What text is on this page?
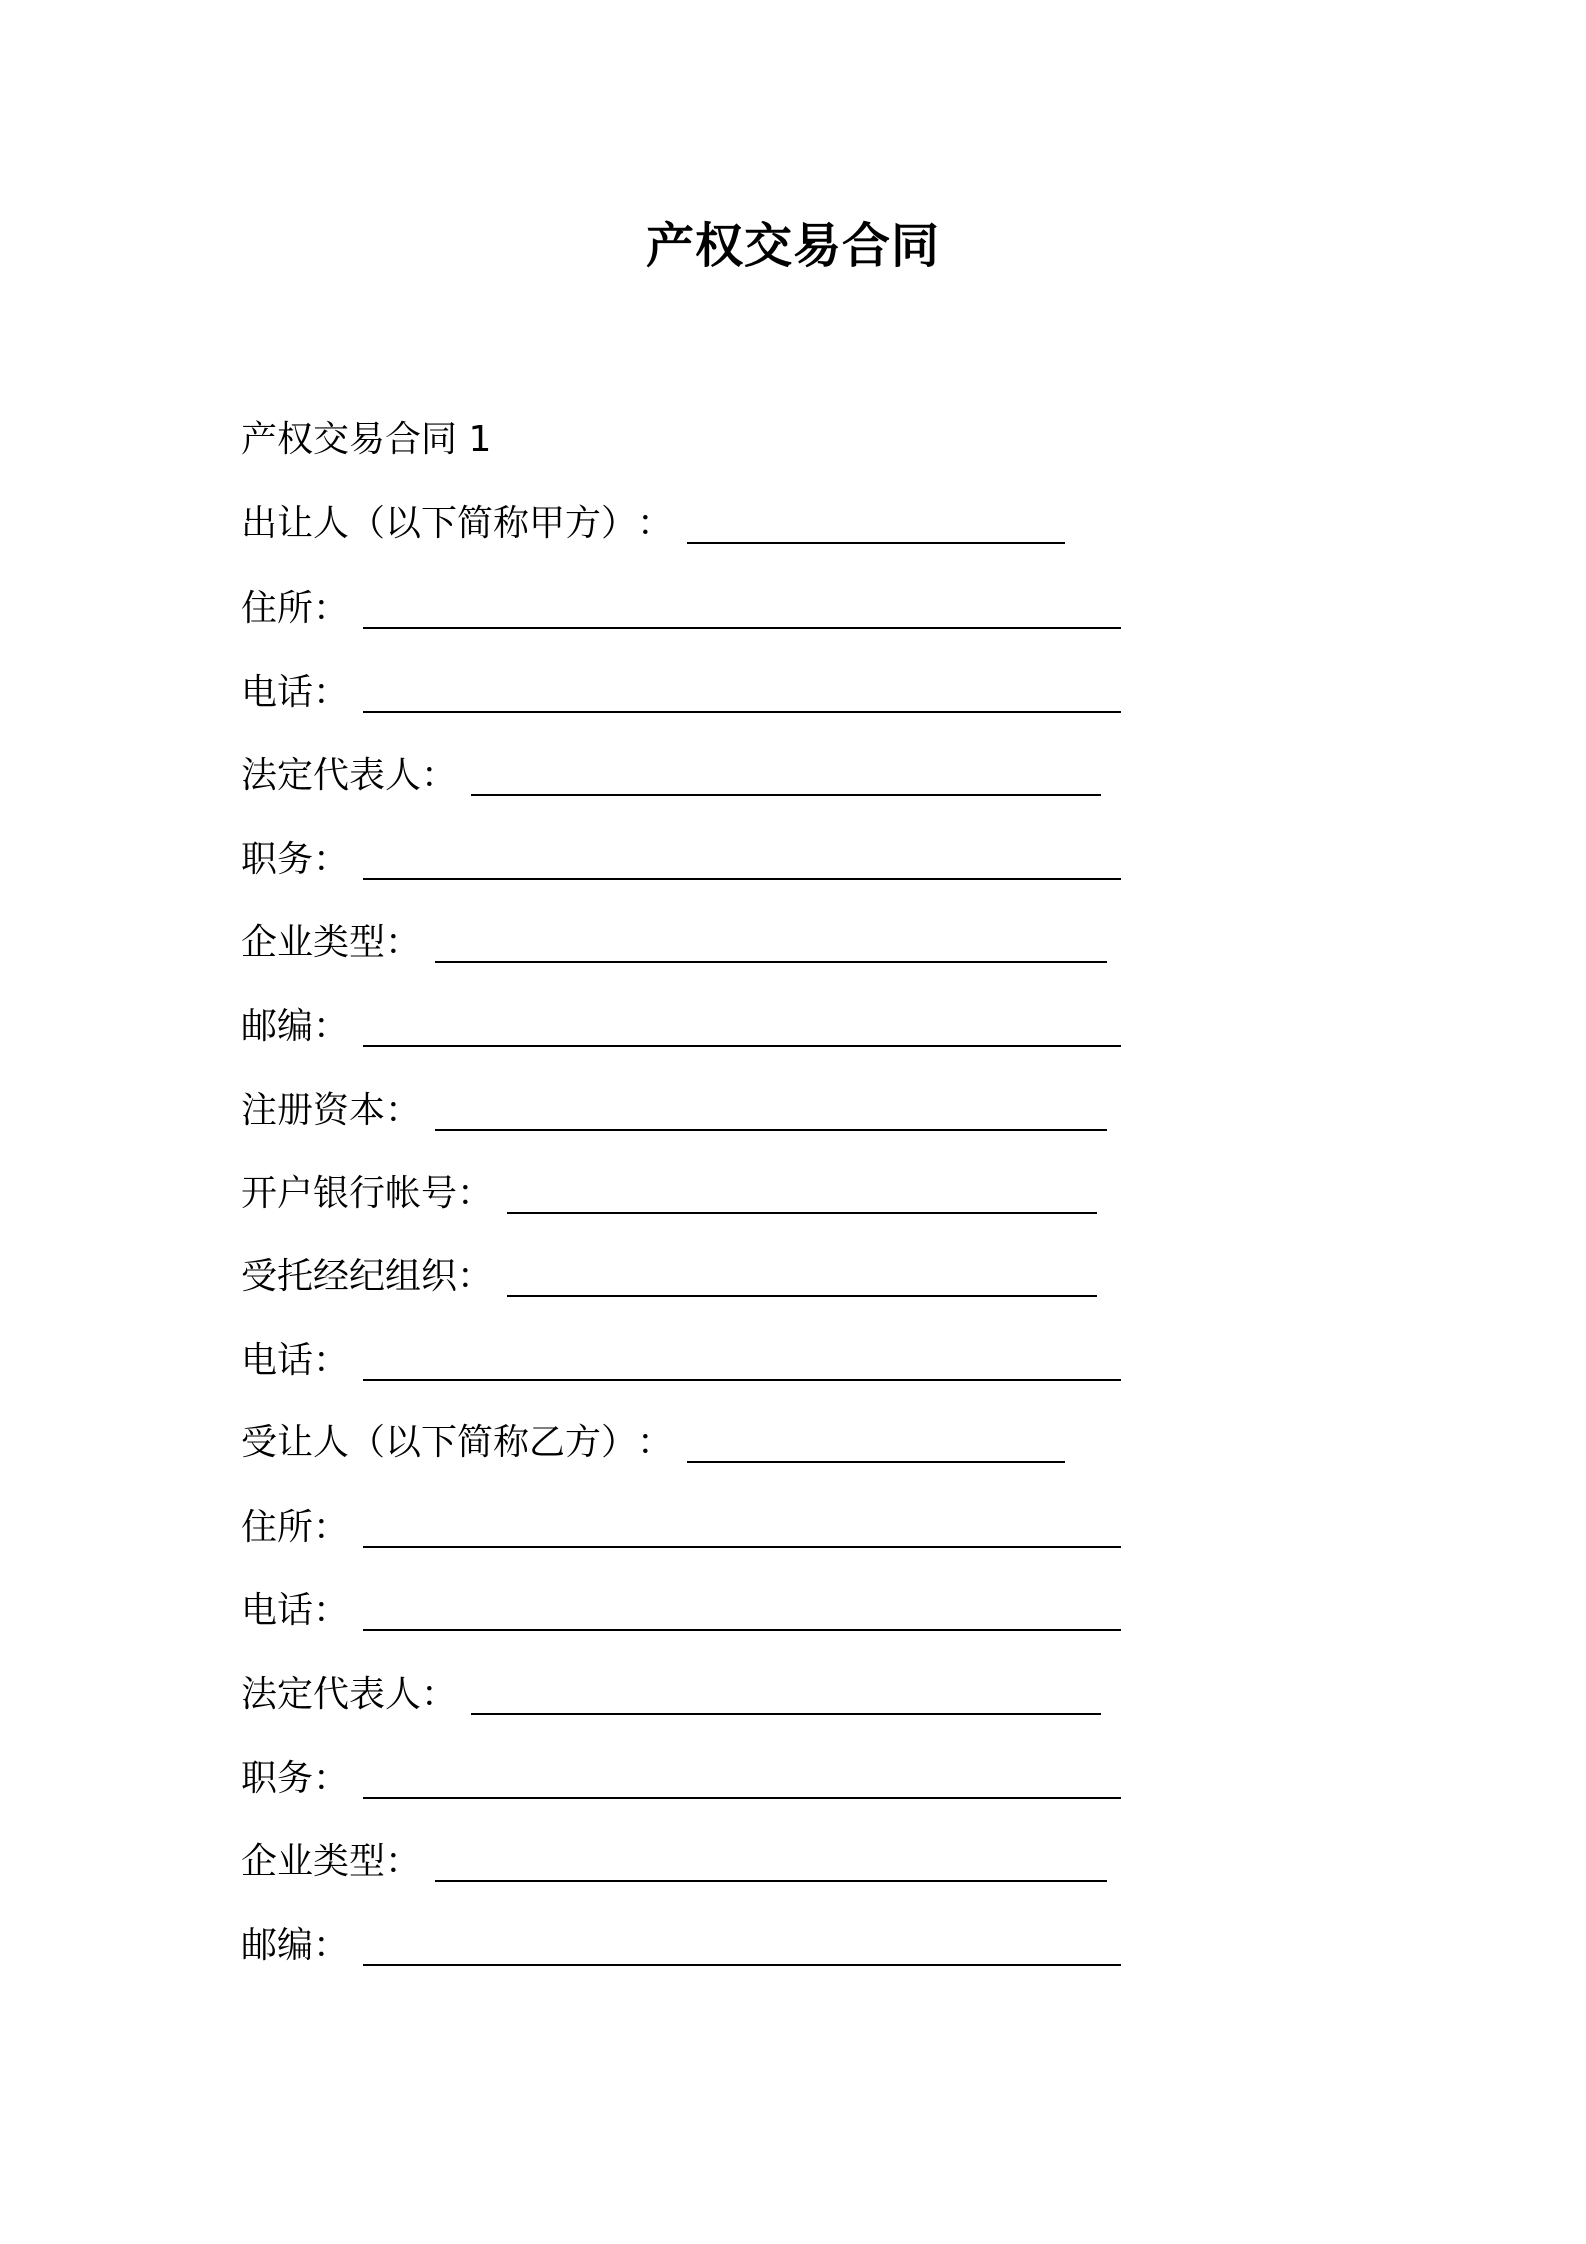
产权交易合同
产权交易合同 1
出让人（以下简称甲方） ：
住所 ：
电话 ：
法定代表人 ：
职务 ：
企业类型 ：
邮编 ：
注册资本 ：
开户银行帐号 ：
受托经纪组织 ：
电话 ：
受让人（以下简称乙方） ：
住所 ：
电话 ：
法定代表人 ：
职务 ：
企业类型 ：
邮编 ：
